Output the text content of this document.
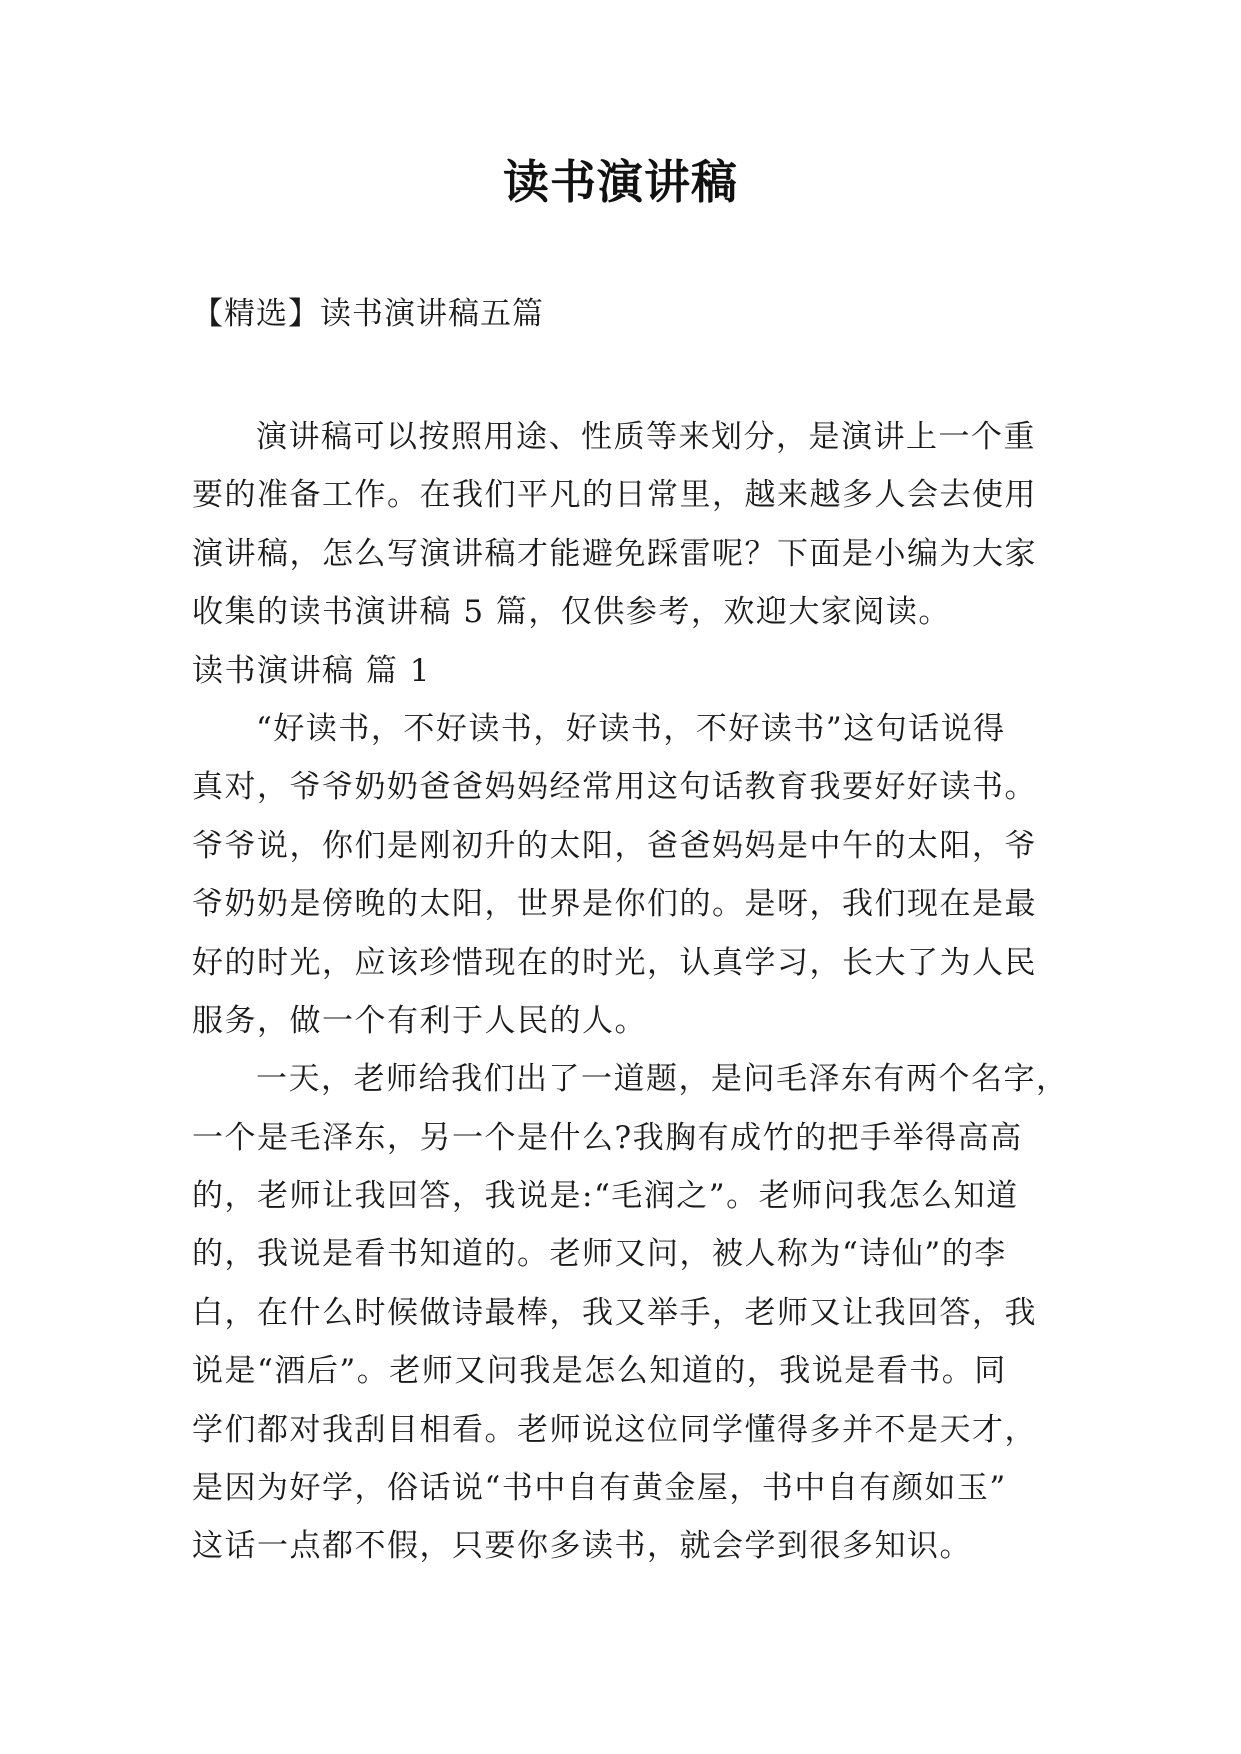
读书演讲稿
【精选】读书演讲稿五篇
演讲稿可以按照用途、性质等来划分，是演讲上一个重
要的准备工作。在我们平凡的日常里，越来越多人会去使用
演讲稿，怎么写演讲稿才能避免踩雷呢？下面是小编为大家
收集的读书演讲稿 5 篇，仅供参考，欢迎大家阅读。
读书演讲稿 篇 1
“好读书，不好读书，好读书，不好读书”这句话说得
真对，爷爷奶奶爸爸妈妈经常用这句话教育我要好好读书。
爷爷说，你们是刚初升的太阳，爸爸妈妈是中午的太阳，爷
爷奶奶是傍晚的太阳，世界是你们的。是呀，我们现在是最
好的时光，应该珍惜现在的时光，认真学习，长大了为人民
服务，做一个有利于人民的人。
一天，老师给我们出了一道题，是问毛泽东有两个名字，
一个是毛泽东，另一个是什么?我胸有成竹的把手举得高高
的，老师让我回答，我说是:“毛润之”。老师问我怎么知道
的，我说是看书知道的。老师又问，被人称为“诗仙”的李
白，在什么时候做诗最棒，我又举手，老师又让我回答，我
说是“酒后”。老师又问我是怎么知道的，我说是看书。同
学们都对我刮目相看。老师说这位同学懂得多并不是天才，
是因为好学，俗话说“书中自有黄金屋，书中自有颜如玉”
这话一点都不假，只要你多读书，就会学到很多知识。
